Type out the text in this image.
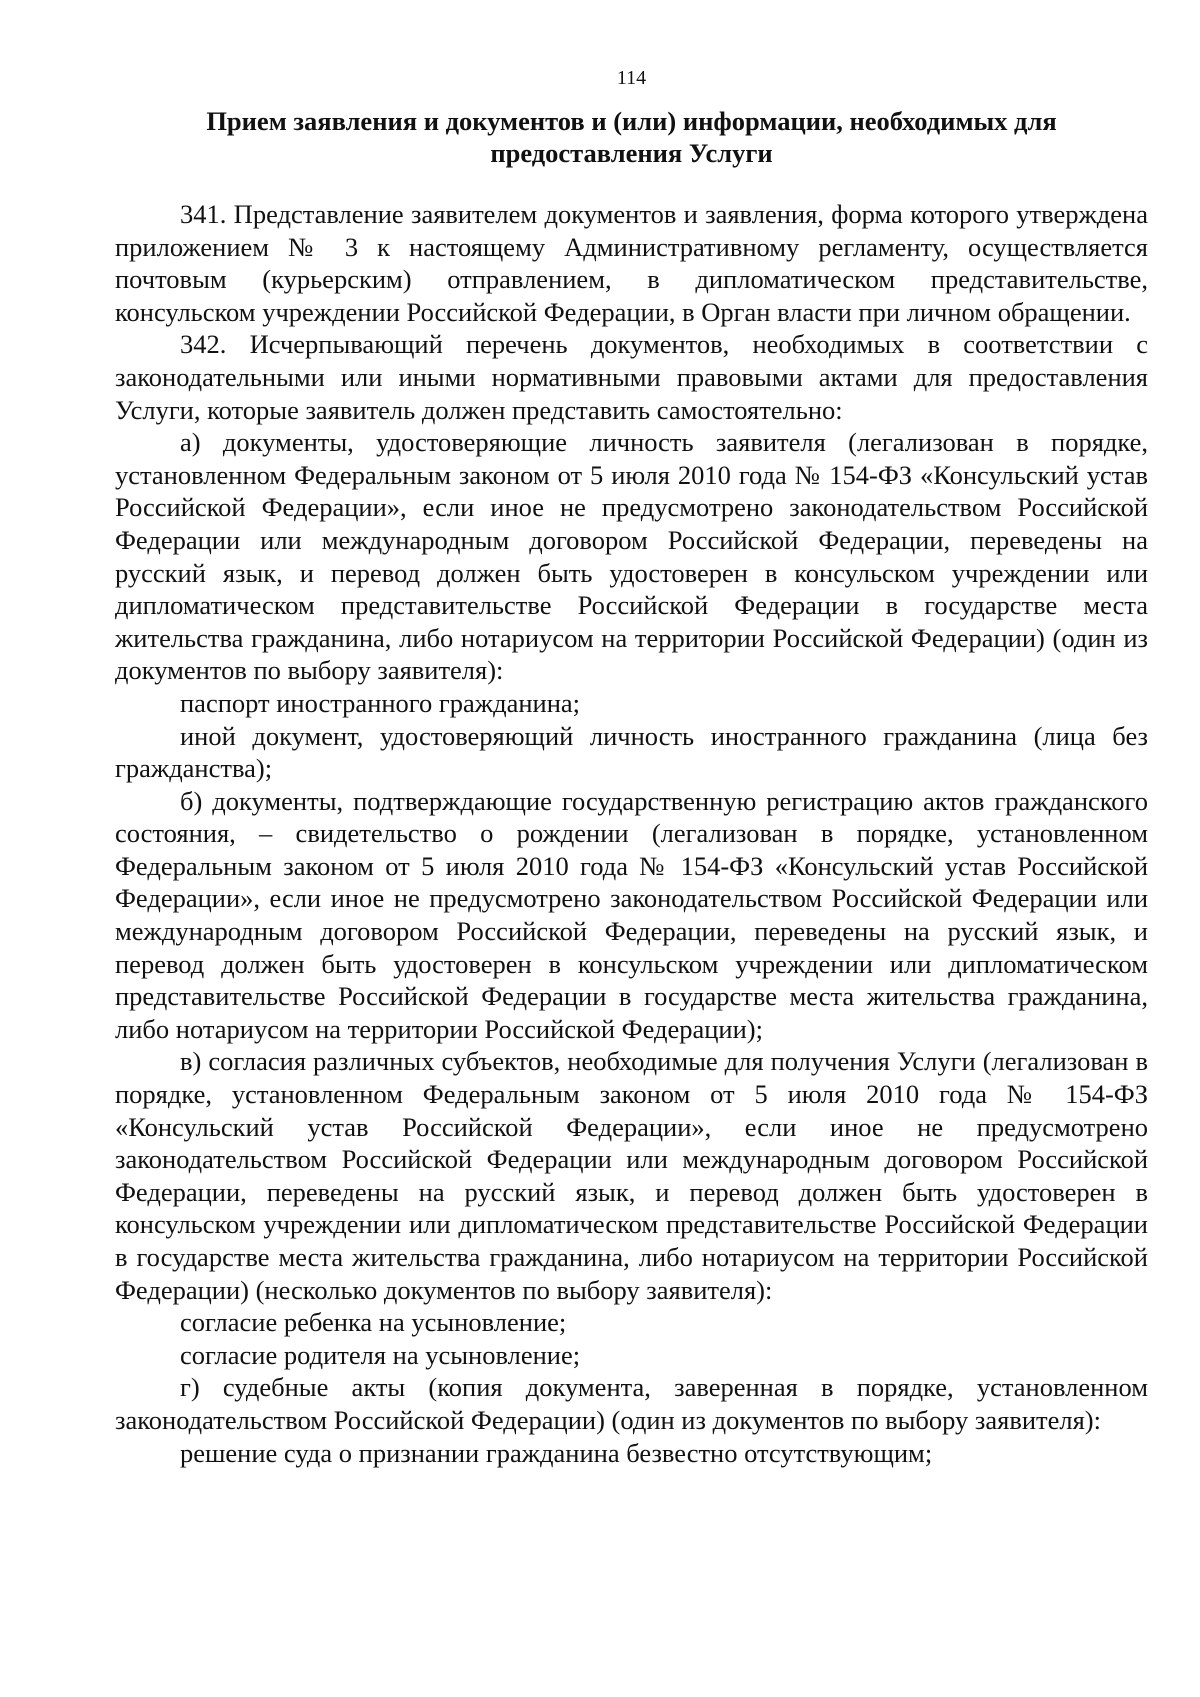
114
Прием заявления и документов и (или) информации, необходимых для
предоставления Услуги

341. Представление заявителем документов и заявления, форма которого утверждена приложением № 3 к настоящему Административному регламенту, осуществляется почтовым (курьерским) отправлением, в дипломатическом представительстве, консульском учреждении Российской Федерации, в Орган власти при личном обращении.

342. Исчерпывающий перечень документов, необходимых в соответствии с законодательными или иными нормативными правовыми актами для предоставления Услуги, которые заявитель должен представить самостоятельно:

а) документы, удостоверяющие личность заявителя (легализован в порядке, установленном Федеральным законом от 5 июля 2010 года № 154-ФЗ «Консульский устав Российской Федерации», если иное не предусмотрено законодательством Российской Федерации или международным договором Российской Федерации, переведены на русский язык, и перевод должен быть удостоверен в консульском учреждении или дипломатическом представительстве Российской Федерации в государстве места жительства гражданина, либо нотариусом на территории Российской Федерации) (один из документов по выбору заявителя):

паспорт иностранного гражданина;

иной документ, удостоверяющий личность иностранного гражданина (лица без гражданства);

б) документы, подтверждающие государственную регистрацию актов гражданского состояния, – свидетельство о рождении (легализован в порядке, установленном Федеральным законом от 5 июля 2010 года № 154-ФЗ «Консульский устав Российской Федерации», если иное не предусмотрено законодательством Российской Федерации или международным договором Российской Федерации, переведены на русский язык, и перевод должен быть удостоверен в консульском учреждении или дипломатическом представительстве Российской Федерации в государстве места жительства гражданина, либо нотариусом на территории Российской Федерации);

в) согласия различных субъектов, необходимые для получения Услуги (легализован в порядке, установленном Федеральным законом от 5 июля 2010 года № 154-ФЗ «Консульский устав Российской Федерации», если иное не предусмотрено законодательством Российской Федерации или международным договором Российской Федерации, переведены на русский язык, и перевод должен быть удостоверен в консульском учреждении или дипломатическом представительстве Российской Федерации в государстве места жительства гражданина, либо нотариусом на территории Российской Федерации) (несколько документов по выбору заявителя):

согласие ребенка на усыновление;

согласие родителя на усыновление;

г) судебные акты (копия документа, заверенная в порядке, установленном законодательством Российской Федерации) (один из документов по выбору заявителя):

решение суда о признании гражданина безвестно отсутствующим;
